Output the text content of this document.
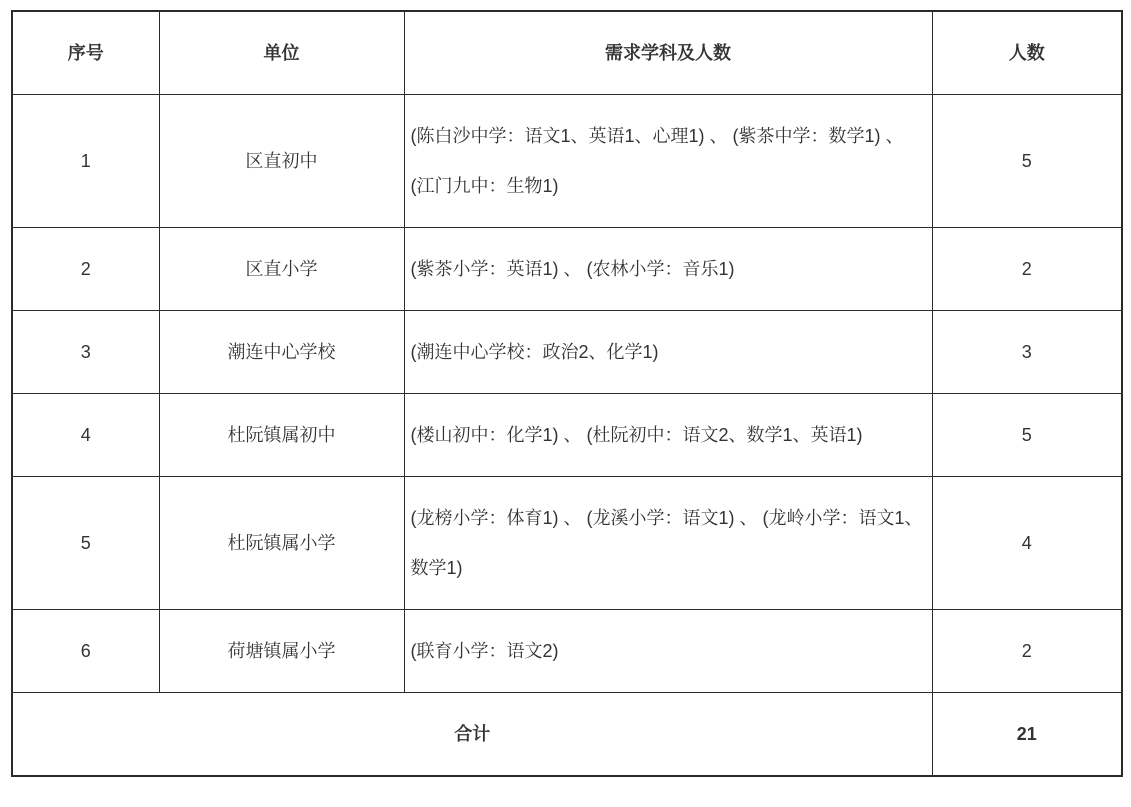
序号	单位	需求学科及人数	人数
1	区直初中	(陈白沙中学：语文1、英语1、心理1) 、 (紫茶中学：数学1) 、 (江门九中：生物1)	5
2	区直小学	(紫茶小学：英语1) 、 (农林小学：音乐1)	2
3	潮连中心学校	(潮连中心学校：政治2、化学1)	3
4	杜阮镇属初中	(楼山初中：化学1) 、 (杜阮初中：语文2、数学1、英语1)	5
5	杜阮镇属小学	(龙榜小学：体育1) 、 (龙溪小学：语文1) 、 (龙岭小学：语文1、数学1)	4
6	荷塘镇属小学	(联育小学：语文2)	2
合计			21
